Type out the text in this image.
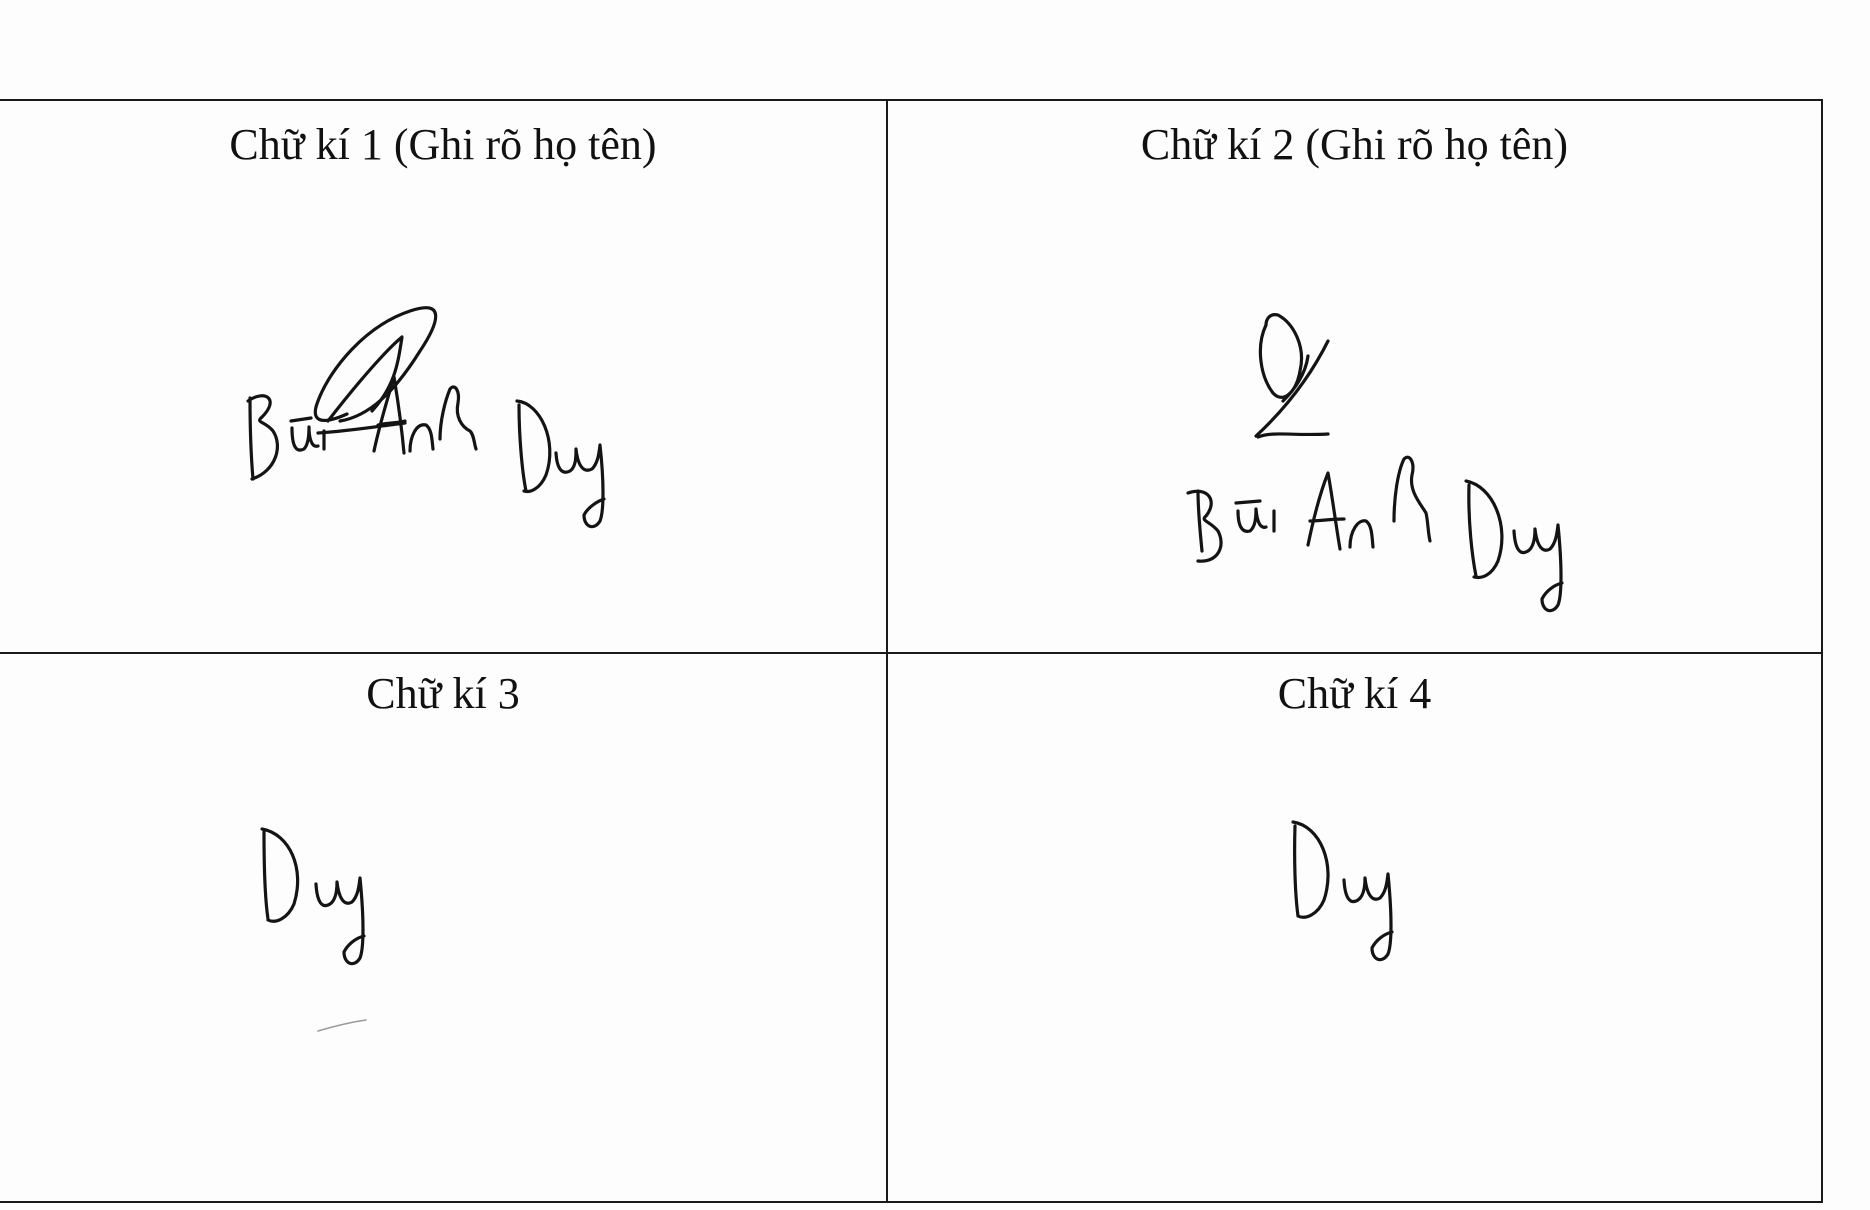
Chữ kí 1 (Ghi rõ họ tên)	Chữ kí 2 (Ghi rõ họ tên)

Chữ kí 3	Chữ kí 4
